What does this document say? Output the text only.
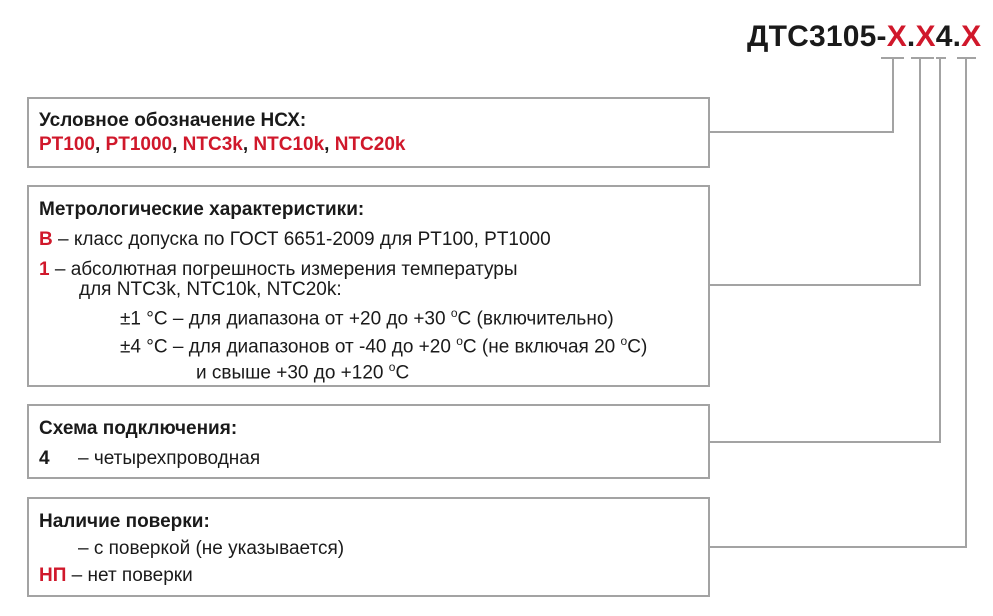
ДТС3105-X.X4.X
Условное обозначение НСХ:
PT100, PT1000, NTC3k, NTC10k, NTC20k
Метрологические характеристики:
B – класс допуска по ГОСТ 6651-2009 для PT100, PT1000
1 – абсолютная погрешность измерения температуры
для NTC3k, NTC10k, NTC20k:
±1 °C – для диапазона от +20 до +30 $^о$C (включительно)
±4 °C – для диапазонов от -40 до +20 $^о$C (не включая 20 $^о$C)
и свыше +30 до +120 $^о$C
Схема подключения:
4 – четырехпроводная
Наличие поверки:
– с поверкой (не указывается)
НП – нет поверки
